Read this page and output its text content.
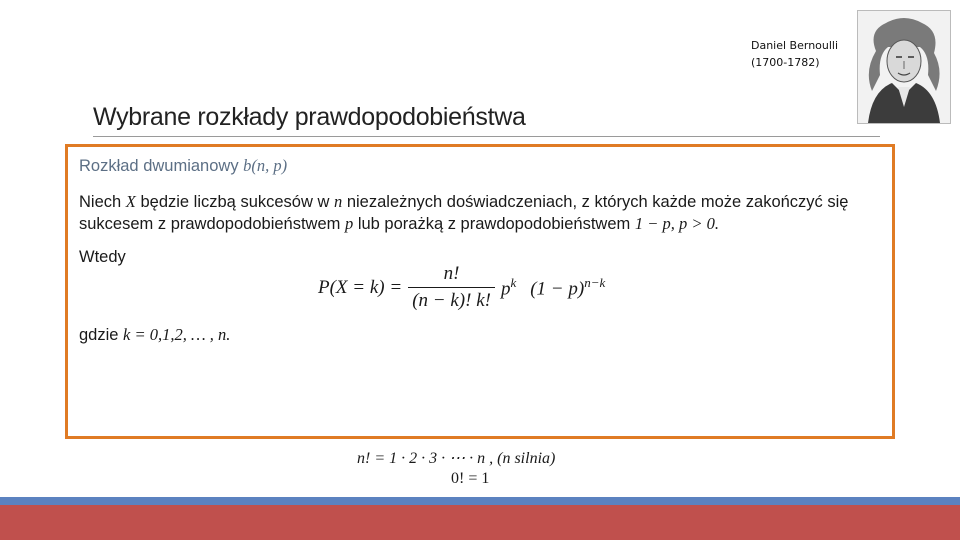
Daniel Bernoulli
(1700-1782)
Wybrane rozkłady prawdopodobieństwa
Rozkład dwumianowy b(n, p)
Niech X będzie liczbą sukcesów w n niezależnych doświadczeniach, z których każde może zakończyć się sukcesem z prawdopodobieństwem p lub porażką z prawdopodobieństwem 1 − p, p > 0.
Wtedy
$P(X = k) = \frac{n!}{(n - k)! k!} p^k$ $(1 - p)^{n-k}$
gdzie k = 0,1,2, … , n.
n! = 1 · 2 · 3 · ⋯ · n , (n silnia)
0! = 1
